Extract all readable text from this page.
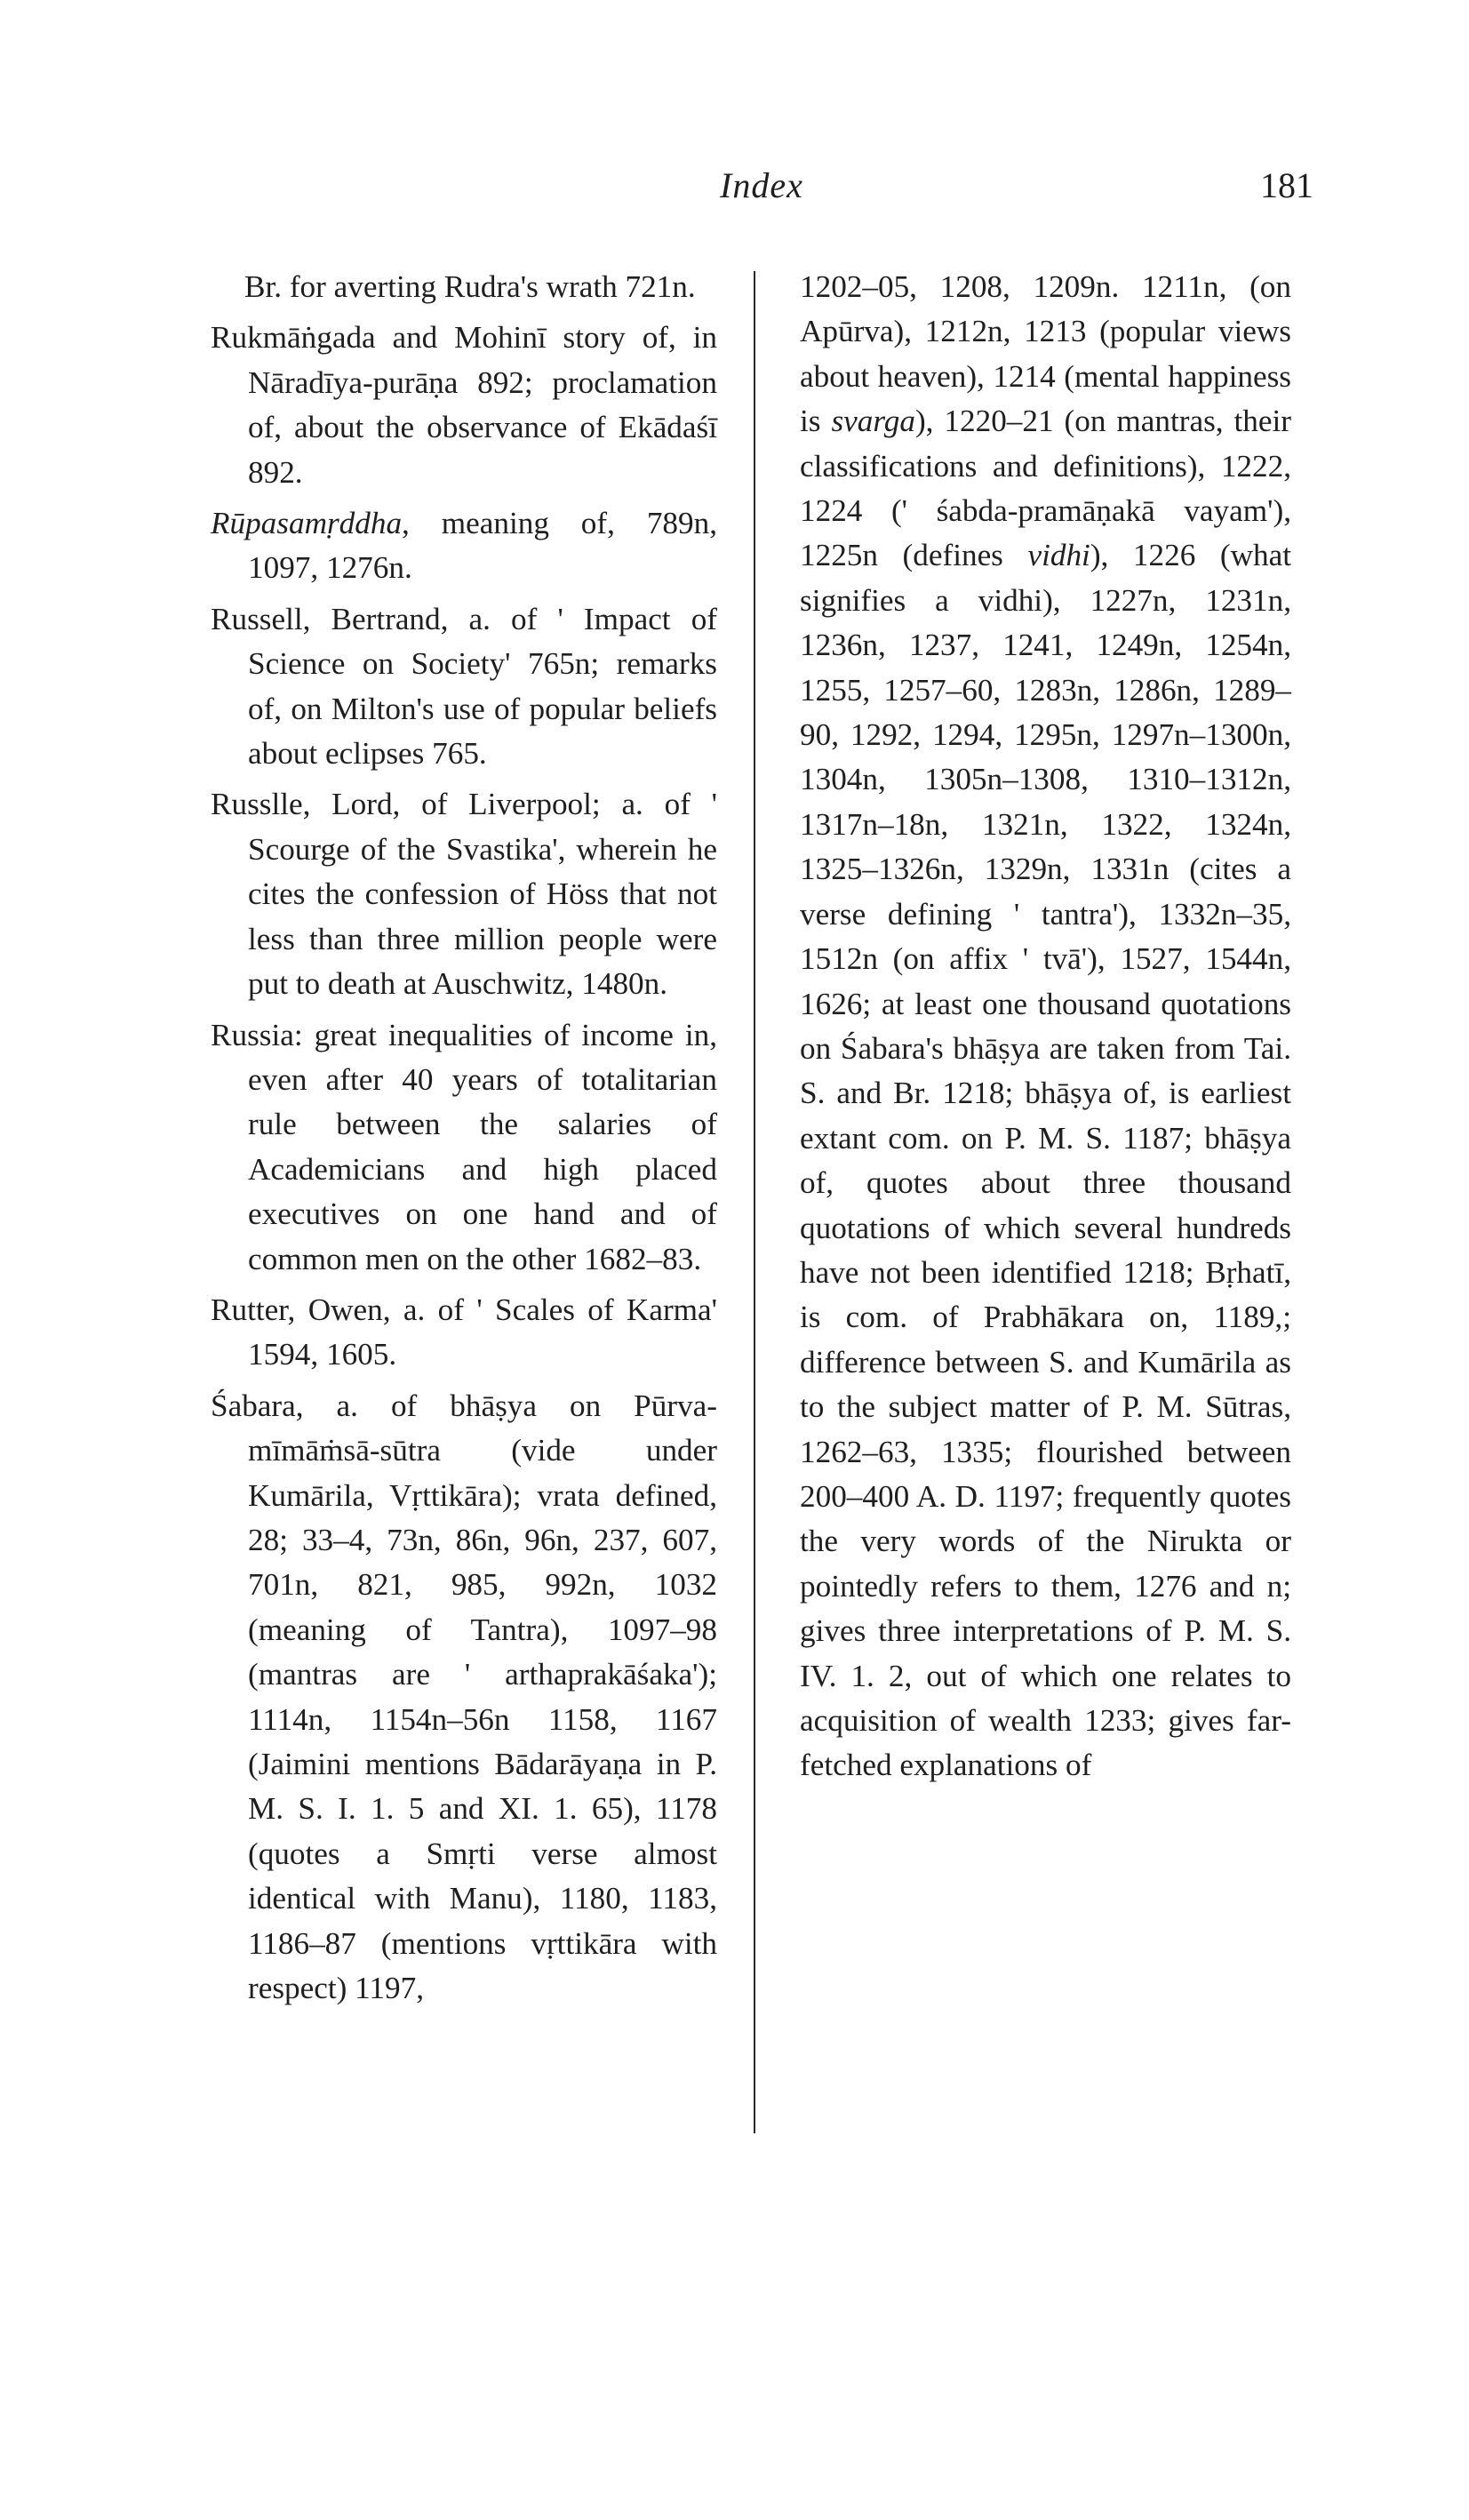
Index	181

Br. for averting Rudra's wrath 721n.

Rukmāṅgada and Mohinī story of, in Nāradīya-purāṇa 892; proclamation of, about the observance of Ekādaśī 892.

Rūpasamṛddha, meaning of, 789n, 1097, 1276n.

Russell, Bertrand, a. of ' Impact of Science on Society' 765n; remarks of, on Milton's use of popular beliefs about eclipses 765.

Russlle, Lord, of Liverpool; a. of ' Scourge of the Svastika', wherein he cites the confession of Höss that not less than three million people were put to death at Auschwitz, 1480n.

Russia: great inequalities of income in, even after 40 years of totalitarian rule between the salaries of Academicians and high placed executives on one hand and of common men on the other 1682–83.

Rutter, Owen, a. of ' Scales of Karma' 1594, 1605.

Śabara, a. of bhāṣya on Pūrva-mīmāṁsā-sūtra (vide under Kumārila, Vṛttikāra); vrata defined, 28; 33–4, 73n, 86n, 96n, 237, 607, 701n, 821, 985, 992n, 1032 (meaning of Tantra), 1097–98 (mantras are ' arthaprakāśaka'); 1114n, 1154n–56n 1158, 1167 (Jaimini mentions Bādarāyaṇa in P. M. S. I. 1. 5 and XI. 1. 65), 1178 (quotes a Smṛti verse almost identical with Manu), 1180, 1183, 1186–87 (mentions vṛttikāra with respect) 1197,

1202–05, 1208, 1209n. 1211n, (on Apūrva), 1212n, 1213 (popular views about heaven), 1214 (mental happiness is svarga), 1220–21 (on mantras, their classifications and definitions), 1222, 1224 (' śabda-pramāṇakā vayam'), 1225n (defines vidhi), 1226 (what signifies a vidhi), 1227n, 1231n, 1236n, 1237, 1241, 1249n, 1254n, 1255, 1257–60, 1283n, 1286n, 1289–90, 1292, 1294, 1295n, 1297n–1300n, 1304n, 1305n–1308, 1310–1312n, 1317n–18n, 1321n, 1322, 1324n, 1325–1326n, 1329n, 1331n (cites a verse defining ' tantra'), 1332n–35, 1512n (on affix ' tvā'), 1527, 1544n, 1626; at least one thousand quotations on Śabara's bhāṣya are taken from Tai. S. and Br. 1218; bhāṣya of, is earliest extant com. on P. M. S. 1187; bhāṣya of, quotes about three thousand quotations of which several hundreds have not been identified 1218; Bṛhatī, is com. of Prabhākara on, 1189,; difference between S. and Kumārila as to the subject matter of P. M. Sūtras, 1262–63, 1335; flourished between 200–400 A. D. 1197; frequently quotes the very words of the Nirukta or pointedly refers to them, 1276 and n; gives three interpretations of P. M. S. IV. 1. 2, out of which one relates to acquisition of wealth 1233; gives far-fetched explanations of
